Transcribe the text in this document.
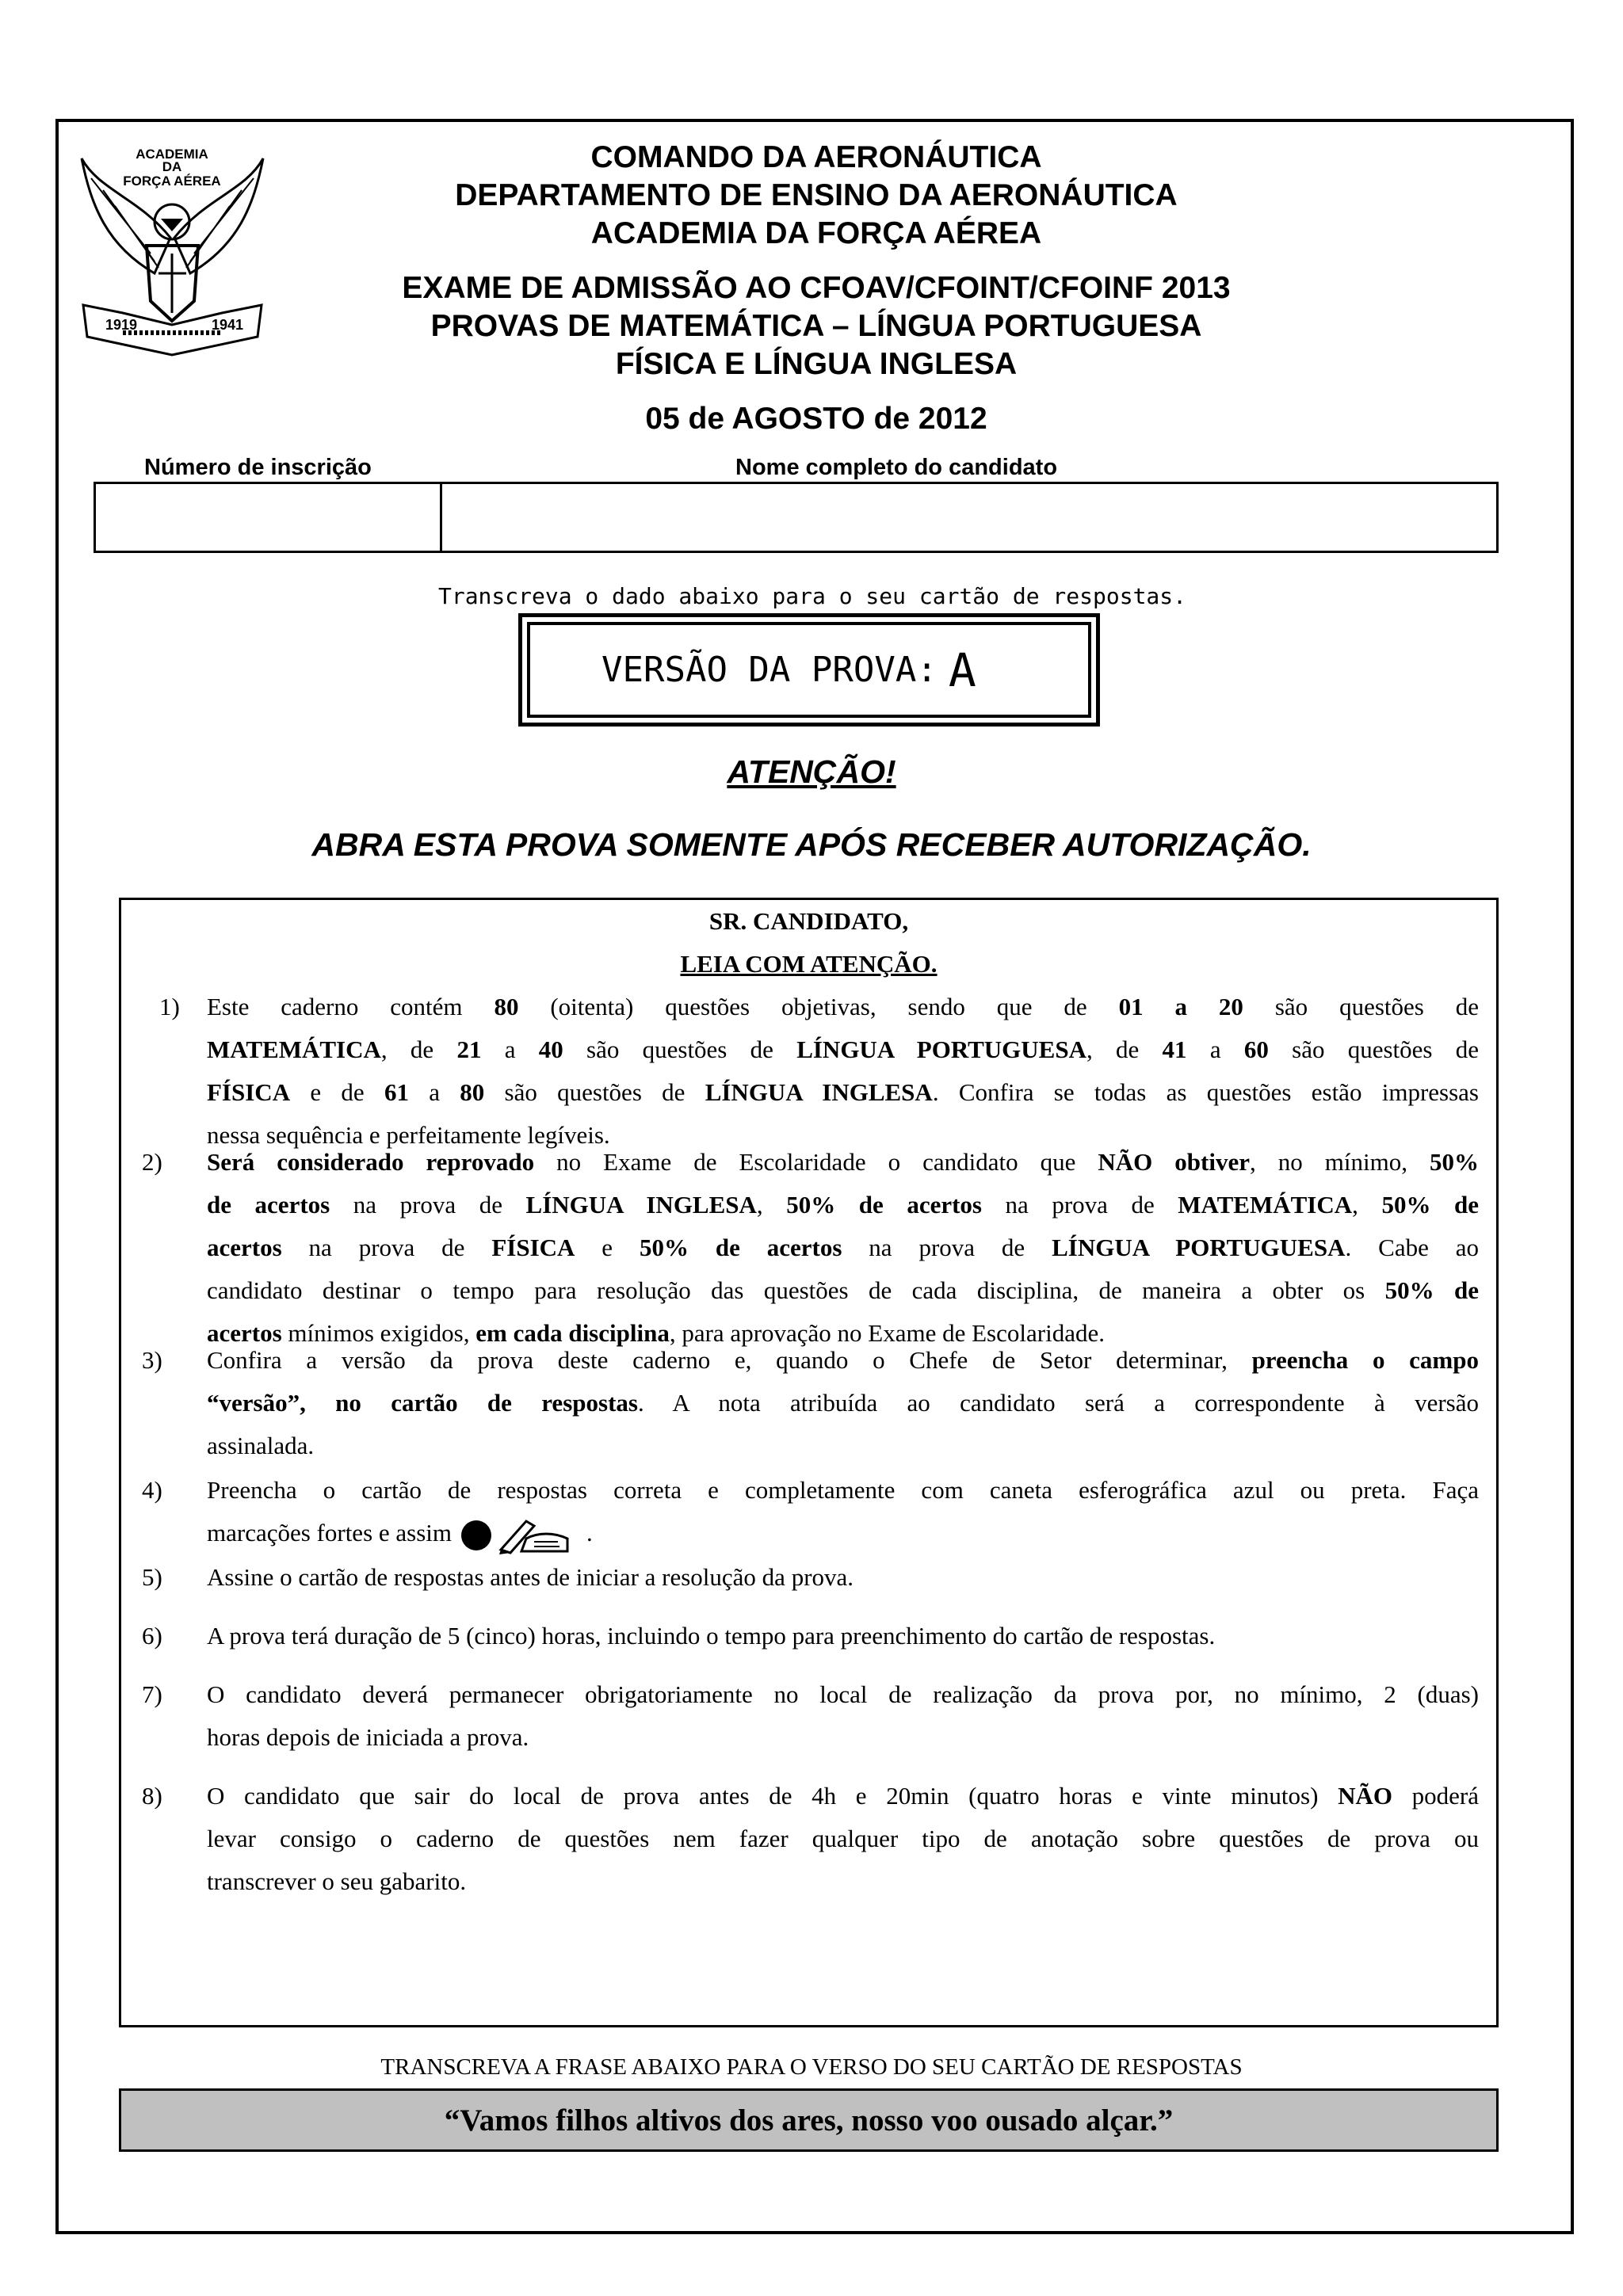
ACADEMIA
DA
FORÇA AÉREA
1919	1941
COMANDO DA AERONÁUTICA
DEPARTAMENTO DE ENSINO DA AERONÁUTICA
ACADEMIA DA FORÇA AÉREA
EXAME DE ADMISSÃO AO CFOAV/CFOINT/CFOINF 2013
PROVAS DE MATEMÁTICA – LÍNGUA PORTUGUESA
FÍSICA E LÍNGUA INGLESA
05 de AGOSTO de 2012
Número de inscrição	Nome completo do candidato
Transcreva o dado abaixo para o seu cartão de respostas.
VERSÃO DA PROVA: A
ATENÇÃO!
ABRA ESTA PROVA SOMENTE APÓS RECEBER AUTORIZAÇÃO.
SR. CANDIDATO,
LEIA COM ATENÇÃO.
1) Este caderno contém 80 (oitenta) questões objetivas, sendo que de 01 a 20 são questões de
MATEMÁTICA, de 21 a 40 são questões de LÍNGUA PORTUGUESA, de 41 a 60 são questões de
FÍSICA e de 61 a 80 são questões de LÍNGUA INGLESA. Confira se todas as questões estão impressas
nessa sequência e perfeitamente legíveis.
2) Será considerado reprovado no Exame de Escolaridade o candidato que NÃO obtiver, no mínimo, 50%
de acertos na prova de LÍNGUA INGLESA, 50% de acertos na prova de MATEMÁTICA, 50% de
acertos na prova de FÍSICA e 50% de acertos na prova de LÍNGUA PORTUGUESA. Cabe ao
candidato destinar o tempo para resolução das questões de cada disciplina, de maneira a obter os 50% de
acertos mínimos exigidos, em cada disciplina, para aprovação no Exame de Escolaridade.
3) Confira a versão da prova deste caderno e, quando o Chefe de Setor determinar, preencha o campo
“versão”, no cartão de respostas. A nota atribuída ao candidato será a correspondente à versão
assinalada.
4) Preencha o cartão de respostas correta e completamente com caneta esferográfica azul ou preta. Faça
marcações fortes e assim	.
5) Assine o cartão de respostas antes de iniciar a resolução da prova.
6) A prova terá duração de 5 (cinco) horas, incluindo o tempo para preenchimento do cartão de respostas.
7) O candidato deverá permanecer obrigatoriamente no local de realização da prova por, no mínimo, 2 (duas)
horas depois de iniciada a prova.
8) O candidato que sair do local de prova antes de 4h e 20min (quatro horas e vinte minutos) NÃO poderá
levar consigo o caderno de questões nem fazer qualquer tipo de anotação sobre questões de prova ou
transcrever o seu gabarito.
TRANSCREVA A FRASE ABAIXO PARA O VERSO DO SEU CARTÃO DE RESPOSTAS
“Vamos filhos altivos dos ares, nosso voo ousado alçar.”
